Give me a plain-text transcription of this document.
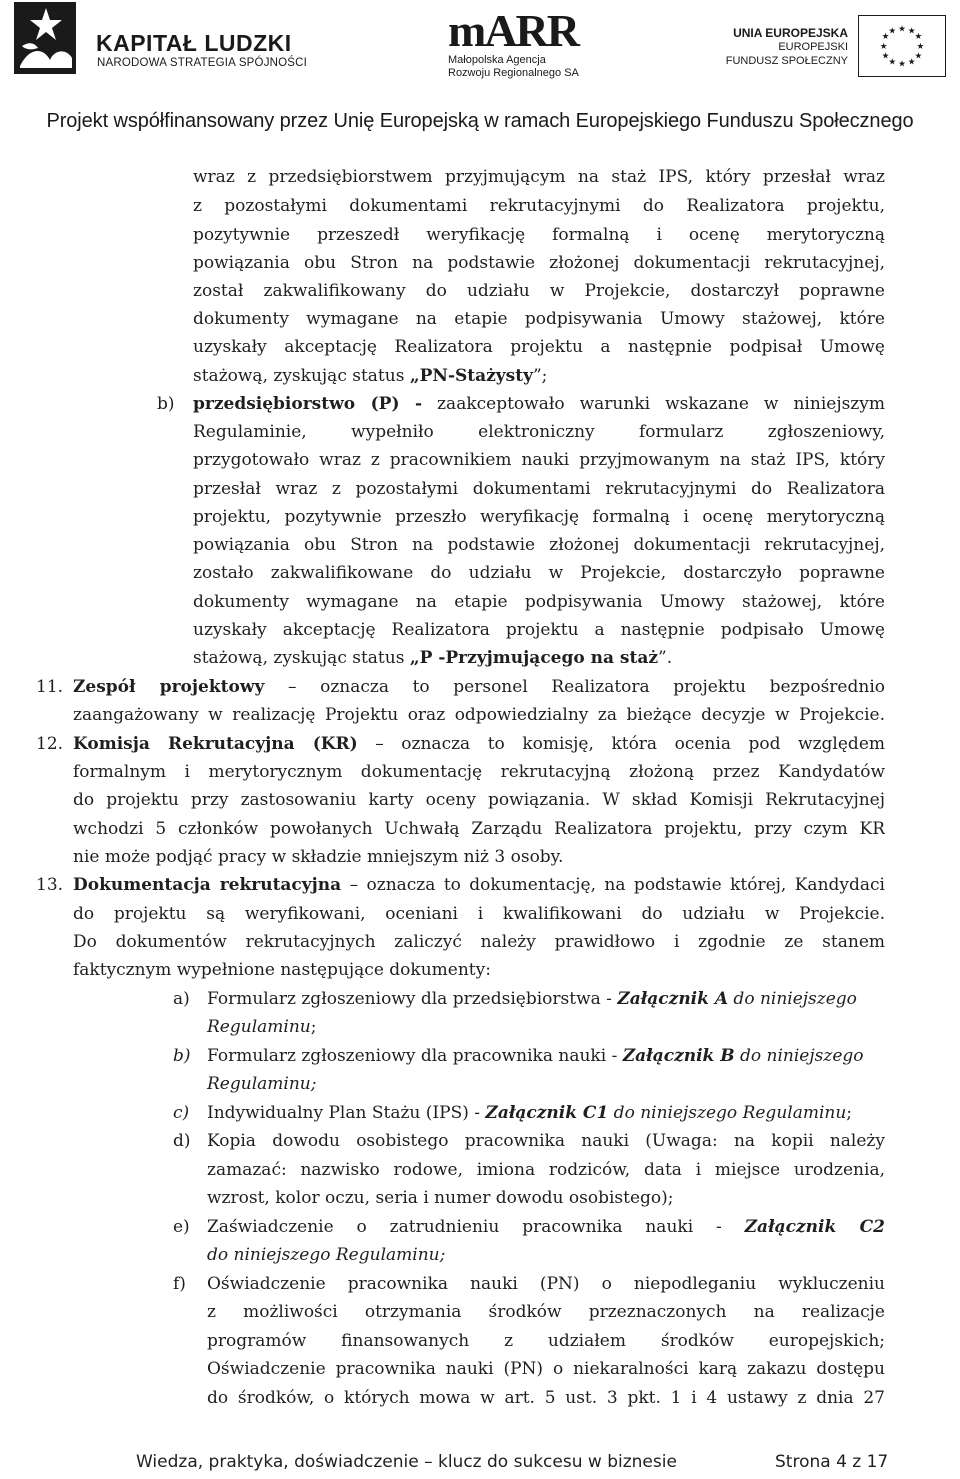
KAPITAŁ LUDZKI
NARODOWA STRATEGIA SPÓJNOŚCI
mARR
Małopolska Agencja
Rozwoju Regionalnego SA
UNIA EUROPEJSKA
EUROPEJSKI
FUNDUSZ SPOŁECZNY
★ ★
★
★
★
★
★
★
★
★
★
★
Projekt współfinansowany przez Unię Europejską w ramach Europejskiego Funduszu Społecznego
wraz z przedsiębiorstwem przyjmującym na staż IPS, który przesłał wraz
z pozostałymi dokumentami rekrutacyjnymi do Realizatora projektu,
pozytywnie przeszedł weryfikację formalną i ocenę merytoryczną
powiązania obu Stron na podstawie złożonej dokumentacji rekrutacyjnej,
został zakwalifikowany do udziału w Projekcie, dostarczył poprawne
dokumenty wymagane na etapie podpisywania Umowy stażowej, które
uzyskały akceptację Realizatora projektu a następnie podpisał Umowę
stażową, zyskując status „PN-Stażysty”;
b) przedsiębiorstwo (P) - zaakceptowało warunki wskazane w niniejszym
Regulaminie, wypełniło elektroniczny formularz zgłoszeniowy,
przygotowało wraz z pracownikiem nauki przyjmowanym na staż IPS, który
przesłał wraz z pozostałymi dokumentami rekrutacyjnymi do Realizatora
projektu, pozytywnie przeszło weryfikację formalną i ocenę merytoryczną
powiązania obu Stron na podstawie złożonej dokumentacji rekrutacyjnej,
zostało zakwalifikowane do udziału w Projekcie, dostarczyło poprawne
dokumenty wymagane na etapie podpisywania Umowy stażowej, które
uzyskały akceptację Realizatora projektu a następnie podpisało Umowę
stażową, zyskując status „P -Przyjmującego na staż”.
11. Zespół projektowy – oznacza to personel Realizatora projektu bezpośrednio
zaangażowany w realizację Projektu oraz odpowiedzialny za bieżące decyzje w Projekcie.
12. Komisja Rekrutacyjna (KR) – oznacza to komisję, która ocenia pod względem
formalnym i merytorycznym dokumentację rekrutacyjną złożoną przez Kandydatów
do projektu przy zastosowaniu karty oceny powiązania. W skład Komisji Rekrutacyjnej
wchodzi 5 członków powołanych Uchwałą Zarządu Realizatora projektu, przy czym KR
nie może podjąć pracy w składzie mniejszym niż 3 osoby.
13. Dokumentacja rekrutacyjna – oznacza to dokumentację, na podstawie której, Kandydaci
do projektu są weryfikowani, oceniani i kwalifikowani do udziału w Projekcie.
Do dokumentów rekrutacyjnych zaliczyć należy prawidłowo i zgodnie ze stanem
faktycznym wypełnione następujące dokumenty:
a) Formularz zgłoszeniowy dla przedsiębiorstwa - Załącznik A do niniejszego
Regulaminu;
b) Formularz zgłoszeniowy dla pracownika nauki - Załącznik B do niniejszego
Regulaminu;
c) Indywidualny Plan Stażu (IPS) - Załącznik C1 do niniejszego Regulaminu;
d) Kopia dowodu osobistego pracownika nauki (Uwaga: na kopii należy
zamazać: nazwisko rodowe, imiona rodziców, data i miejsce urodzenia,
wzrost, kolor oczu, seria i numer dowodu osobistego);
e) Zaświadczenie o zatrudnieniu pracownika nauki - Załącznik C2
do niniejszego Regulaminu;
f) Oświadczenie pracownika nauki (PN) o niepodleganiu wykluczeniu
z możliwości otrzymania środków przeznaczonych na realizacje
programów finansowanych z udziałem środków europejskich;
Oświadczenie pracownika nauki (PN) o niekaralności karą zakazu dostępu
do środków, o których mowa w art. 5 ust. 3 pkt. 1 i 4 ustawy z dnia 27
Wiedza, praktyka, doświadczenie – klucz do sukcesu w biznesie	Strona 4 z 17
